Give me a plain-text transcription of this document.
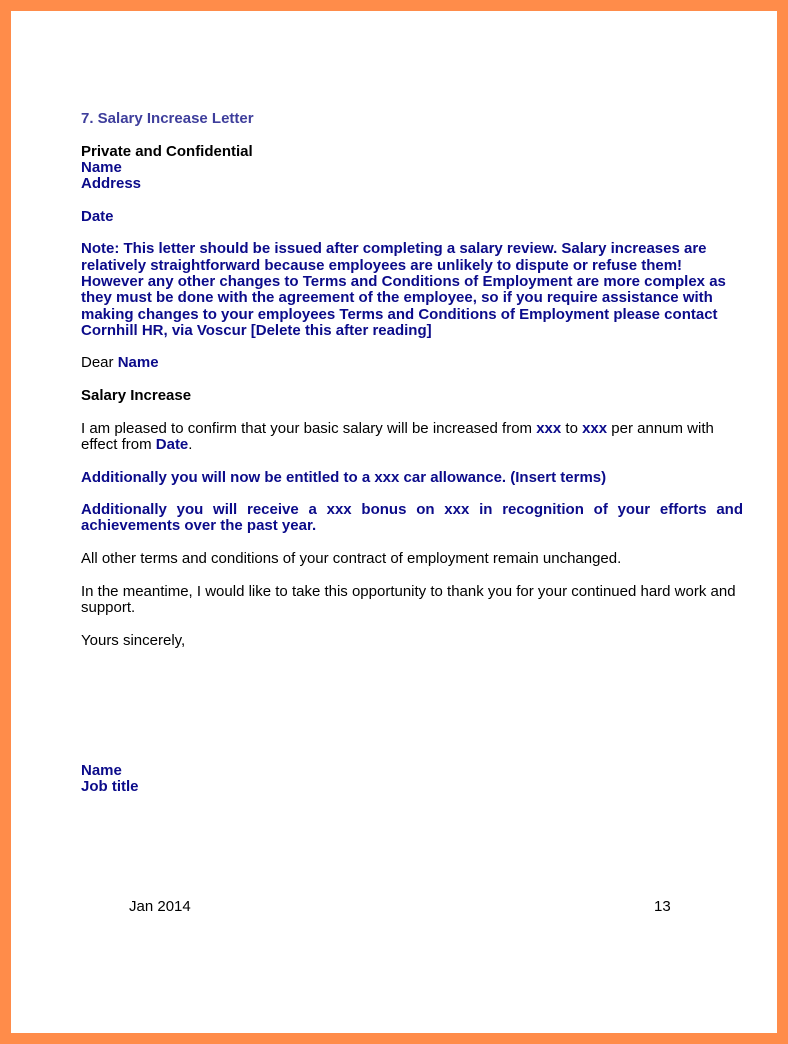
7. Salary Increase Letter

Private and Confidential

Name

Address

Date

Note: This letter should be issued after completing a salary review. Salary increases are relatively straightforward because employees are unlikely to dispute or refuse them! However any other changes to Terms and Conditions of Employment are more complex as they must be done with the agreement of the employee, so if you require assistance with making changes to your employees Terms and Conditions of Employment please contact Cornhill HR, via Voscur [Delete this after reading]

Dear Name

Salary Increase

I am pleased to confirm that your basic salary will be increased from xxx to xxx per annum with effect from Date.

Additionally you will now be entitled to a xxx car allowance. (Insert terms)

Additionally you will receive a xxx bonus on xxx in recognition of your efforts and achievements over the past year.

All other terms and conditions of your contract of employment remain unchanged.

In the meantime, I would like to take this opportunity to thank you for your continued hard work and support.

Yours sincerely,

Name

Job title

Jan 2014	13
